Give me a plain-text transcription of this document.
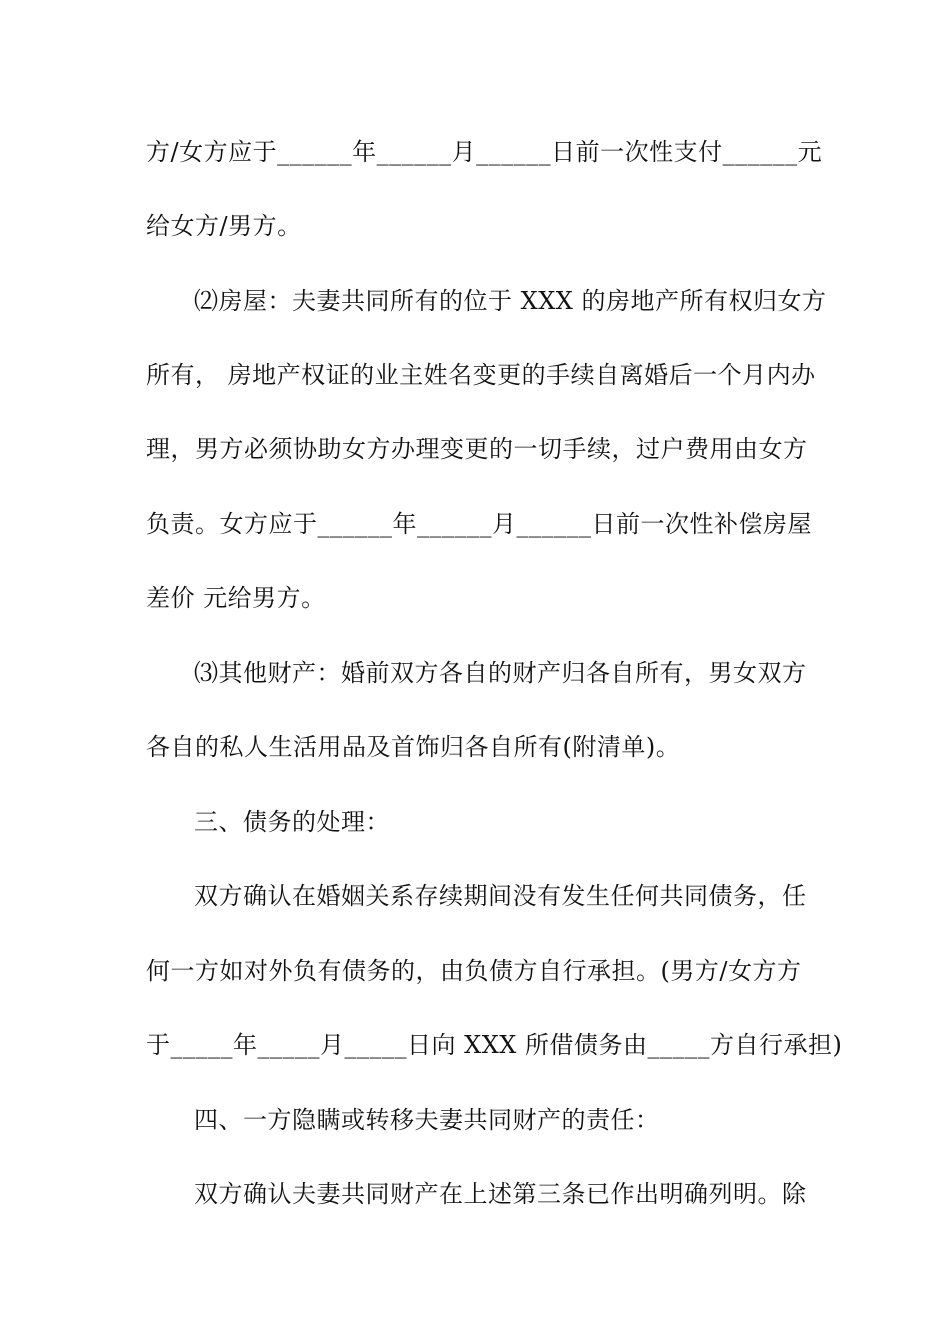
方/女方应于______年______月______日前一次性支付______元
给女方/男方。
⑵房屋：夫妻共同所有的位于 XXX 的房地产所有权归女方
所有， 房地产权证的业主姓名变更的手续自离婚后一个月内办
理，男方必须协助女方办理变更的一切手续，过户费用由女方
负责。女方应于______年______月______日前一次性补偿房屋
差价 元给男方。
⑶其他财产：婚前双方各自的财产归各自所有，男女双方
各自的私人生活用品及首饰归各自所有(附清单)。
三、债务的处理：
双方确认在婚姻关系存续期间没有发生任何共同债务，任
何一方如对外负有债务的，由负债方自行承担。(男方/女方方
于_____年_____月_____日向 XXX 所借债务由_____方自行承担)
四、一方隐瞒或转移夫妻共同财产的责任：
双方确认夫妻共同财产在上述第三条已作出明确列明。除
